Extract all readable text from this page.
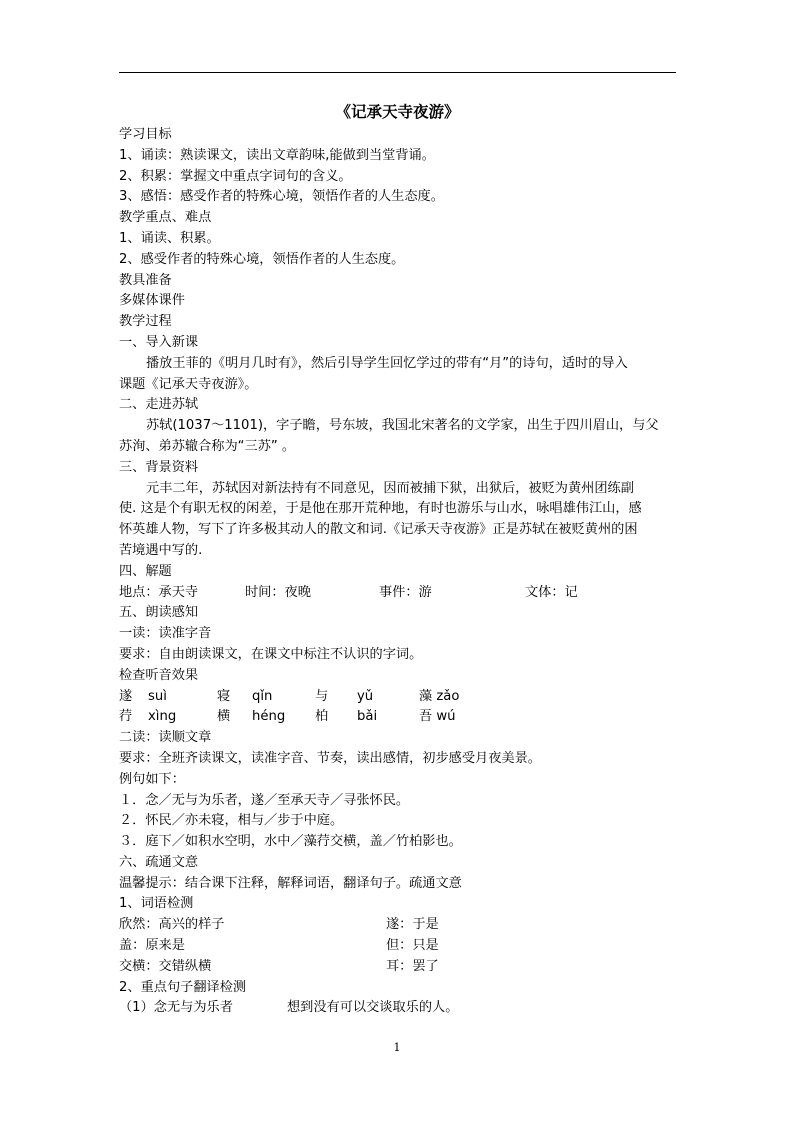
《记承天寺夜游》
学习目标
1、诵读：熟读课文，读出文章韵味,能做到当堂背诵。
2、积累：掌握文中重点字词句的含义。
3、感悟：感受作者的特殊心境，领悟作者的人生态度。
教学重点、难点
1、诵读、积累。
2、感受作者的特殊心境，领悟作者的人生态度。
教具准备
多媒体课件
教学过程
一、导入新课
播放王菲的《明月几时有》，然后引导学生回忆学过的带有“月”的诗句，适时的导入
课题《记承天寺夜游》。
二、走进苏轼
苏轼(1037～1101)，字子瞻，号东坡，我国北宋著名的文学家，出生于四川眉山，与父
苏洵、弟苏辙合称为“三苏” 。
三、背景资料
元丰二年，苏轼因对新法持有不同意见，因而被捕下狱，出狱后，被贬为黄州团练副
使. 这是个有职无权的闲差，于是他在那开荒种地，有时也游乐与山水，咏唱雄伟江山，感
怀英雄人物，写下了许多极其动人的散文和词.《记承天寺夜游》正是苏轼在被贬黄州的困
苦境遇中写的.
四、解题
地点：承天寺	时间：夜晚	事件：游	文体：记
五、朗读感知
一读：读准字音
要求：自由朗读课文，在课文中标注不认识的字词。
检查听音效果
遂 suì	寝 qǐn	与 yǔ	藻 zǎo
荇 xìng	横 héng 柏 bǎi	吾 wú
二读：读顺文章
要求：全班齐读课文，读准字音、节奏，读出感情，初步感受月夜美景。
例句如下：
１．念／无与为乐者，遂／至承天寺／寻张怀民。
２．怀民／亦未寝，相与／步于中庭。
３．庭下／如积水空明，水中／藻荇交横，盖／竹柏影也。
六、疏通文意
温馨提示：结合课下注释，解释词语，翻译句子。疏通文意
1、词语检测
欣然：高兴的样子	遂：于是
盖：原来是	但：只是
交横：交错纵横	耳：罢了
2、重点句子翻译检测
（1）念无与为乐者	想到没有可以交谈取乐的人。
1
